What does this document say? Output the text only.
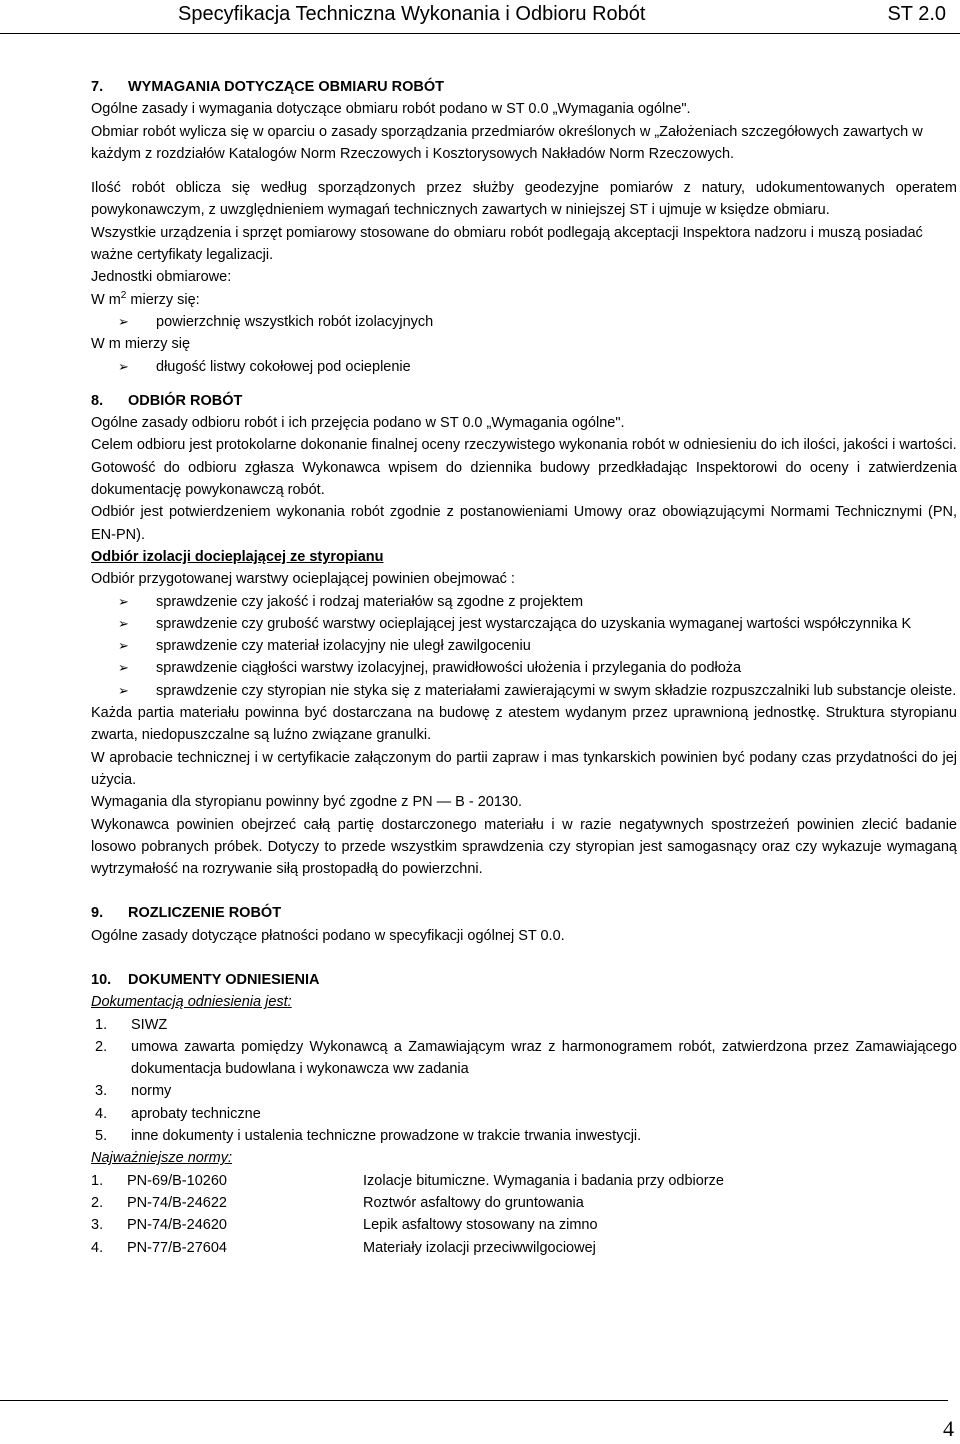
Specyfikacja Techniczna Wykonania i Odbioru Robót	ST 2.0

7. WYMAGANIA DOTYCZĄCE OBMIARU ROBÓT

Ogólne zasady i wymagania dotyczące obmiaru robót podano w ST 0.0 „Wymagania ogólne".

Obmiar robót wylicza się w oparciu o zasady sporządzania przedmiarów określonych w „Założeniach szczegółowych zawartych w każdym z rozdziałów Katalogów Norm Rzeczowych i Kosztorysowych Nakładów Norm Rzeczowych.

Ilość robót oblicza się według sporządzonych przez służby geodezyjne pomiarów z natury, udokumentowanych operatem powykonawczym, z uwzględnieniem wymagań technicznych zawartych w niniejszej ST i ujmuje w księdze obmiaru.

Wszystkie urządzenia i sprzęt pomiarowy stosowane do obmiaru robót podlegają akceptacji Inspektora nadzoru i muszą posiadać ważne certyfikaty legalizacji.

Jednostki obmiarowe:

W $m^2$ mierzy się:

➢ powierzchnię wszystkich robót izolacyjnych

W m mierzy się

➢ długość listwy cokołowej pod ocieplenie

8. ODBIÓR ROBÓT

Ogólne zasady odbioru robót i ich przejęcia podano w ST 0.0 „Wymagania ogólne".

Celem odbioru jest protokolarne dokonanie finalnej oceny rzeczywistego wykonania robót w odniesieniu do ich ilości, jakości i wartości.

Gotowość do odbioru zgłasza Wykonawca wpisem do dziennika budowy przedkładając Inspektorowi do oceny i zatwierdzenia dokumentację powykonawczą robót.

Odbiór jest potwierdzeniem wykonania robót zgodnie z postanowieniami Umowy oraz obowiązującymi Normami Technicznymi (PN, EN-PN).

Odbiór izolacji docieplającej ze styropianu

Odbiór przygotowanej warstwy ocieplającej powinien obejmować :

➢ sprawdzenie czy jakość i rodzaj materiałów są zgodne z projektem
➢ sprawdzenie czy grubość warstwy ocieplającej jest wystarczająca do uzyskania wymaganej wartości współczynnika K
➢ sprawdzenie czy materiał izolacyjny nie uległ zawilgoceniu
➢ sprawdzenie ciągłości warstwy izolacyjnej, prawidłowości ułożenia i przylegania do podłoża
➢ sprawdzenie czy styropian nie styka się z materiałami zawierającymi w swym składzie rozpuszczalniki lub substancje oleiste.

Każda partia materiału powinna być dostarczana na budowę z atestem wydanym przez uprawnioną jednostkę. Struktura styropianu zwarta, niedopuszczalne są luźno związane granulki.

W aprobacie technicznej i w certyfikacie załączonym do partii zapraw i mas tynkarskich powinien być podany czas przydatności do jej użycia.

Wymagania dla styropianu powinny być zgodne z PN — B - 20130.

Wykonawca powinien obejrzeć całą partię dostarczonego materiału i w razie negatywnych spostrzeżeń powinien zlecić badanie losowo pobranych próbek. Dotyczy to przede wszystkim sprawdzenia czy styropian jest samogasnący oraz czy wykazuje wymaganą wytrzymałość na rozrywanie siłą prostopadłą do powierzchni.

9. ROZLICZENIE ROBÓT

Ogólne zasady dotyczące płatności podano w specyfikacji ogólnej ST 0.0.

10. DOKUMENTY ODNIESIENIA

Dokumentacją odniesienia jest:

1. SIWZ
2. umowa zawarta pomiędzy Wykonawcą a Zamawiającym wraz z harmonogramem robót, zatwierdzona przez Zamawiającego dokumentacja budowlana i wykonawcza ww zadania
3. normy
4. aprobaty techniczne
5. inne dokumenty i ustalenia techniczne prowadzone w trakcie trwania inwestycji.

Najważniejsze normy:

1.	PN-69/B-10260	Izolacje bitumiczne. Wymagania i badania przy odbiorze
2.	PN-74/B-24622	Roztwór asfaltowy do gruntowania
3.	PN-74/B-24620	Lepik asfaltowy stosowany na zimno
4.	PN-77/B-27604	Materiały izolacji przeciwwilgociowej
4
